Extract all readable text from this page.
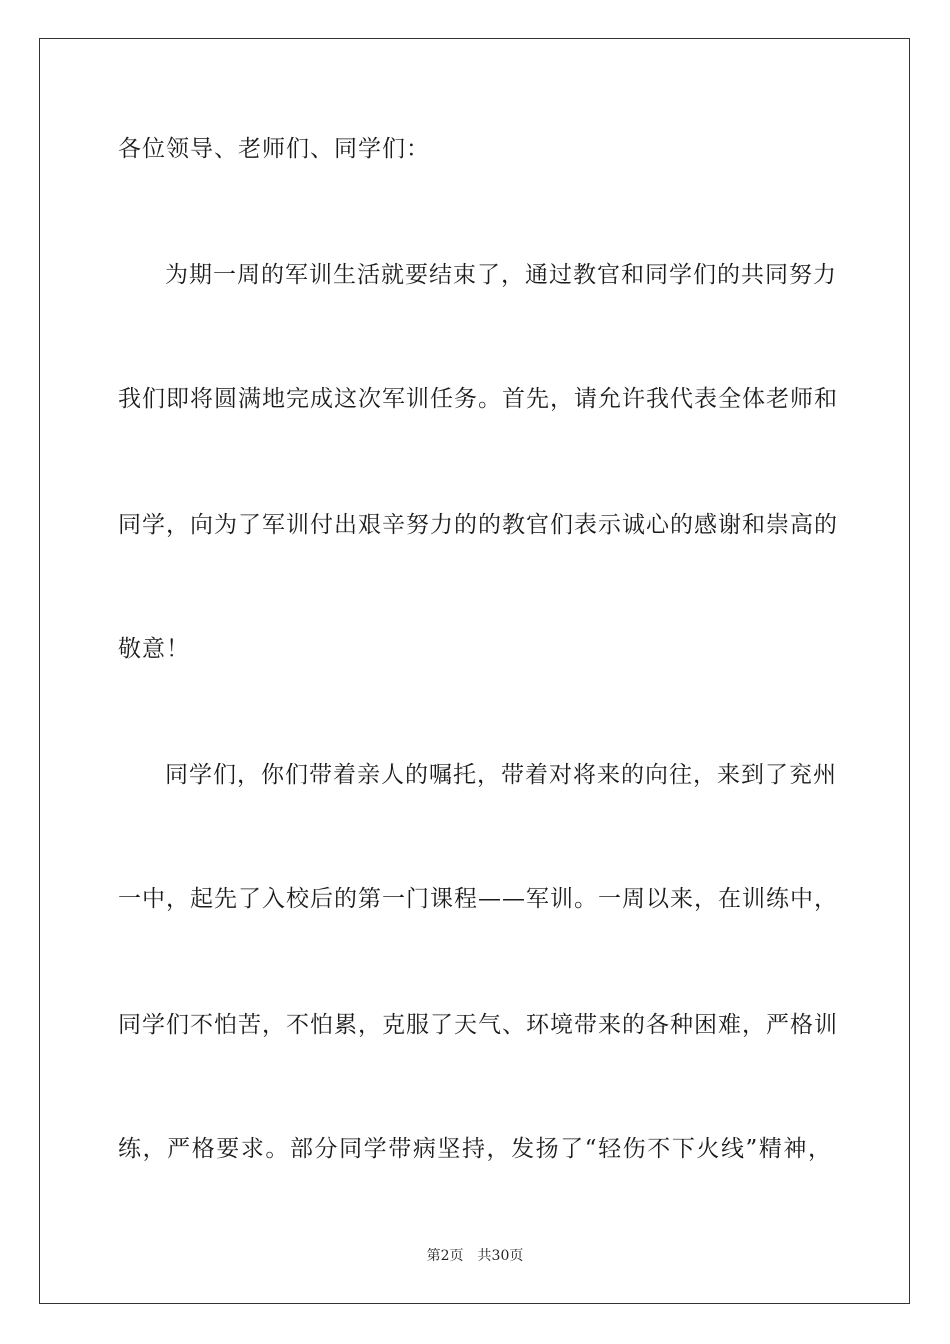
各位领导、老师们、同学们：
为期一周的军训生活就要结束了，通过教官和同学们的共同努力
我们即将圆满地完成这次军训任务。首先，请允许我代表全体老师和
同学，向为了军训付出艰辛努力的的教官们表示诚心的感谢和崇高的
敬意！
同学们，你们带着亲人的嘱托，带着对将来的向往，来到了兖州
一中，起先了入校后的第一门课程——军训。一周以来，在训练中，
同学们不怕苦，不怕累，克服了天气、环境带来的各种困难，严格训
练，严格要求。部分同学带病坚持，发扬了“轻伤不下火线”精神，
第2页　共30页
